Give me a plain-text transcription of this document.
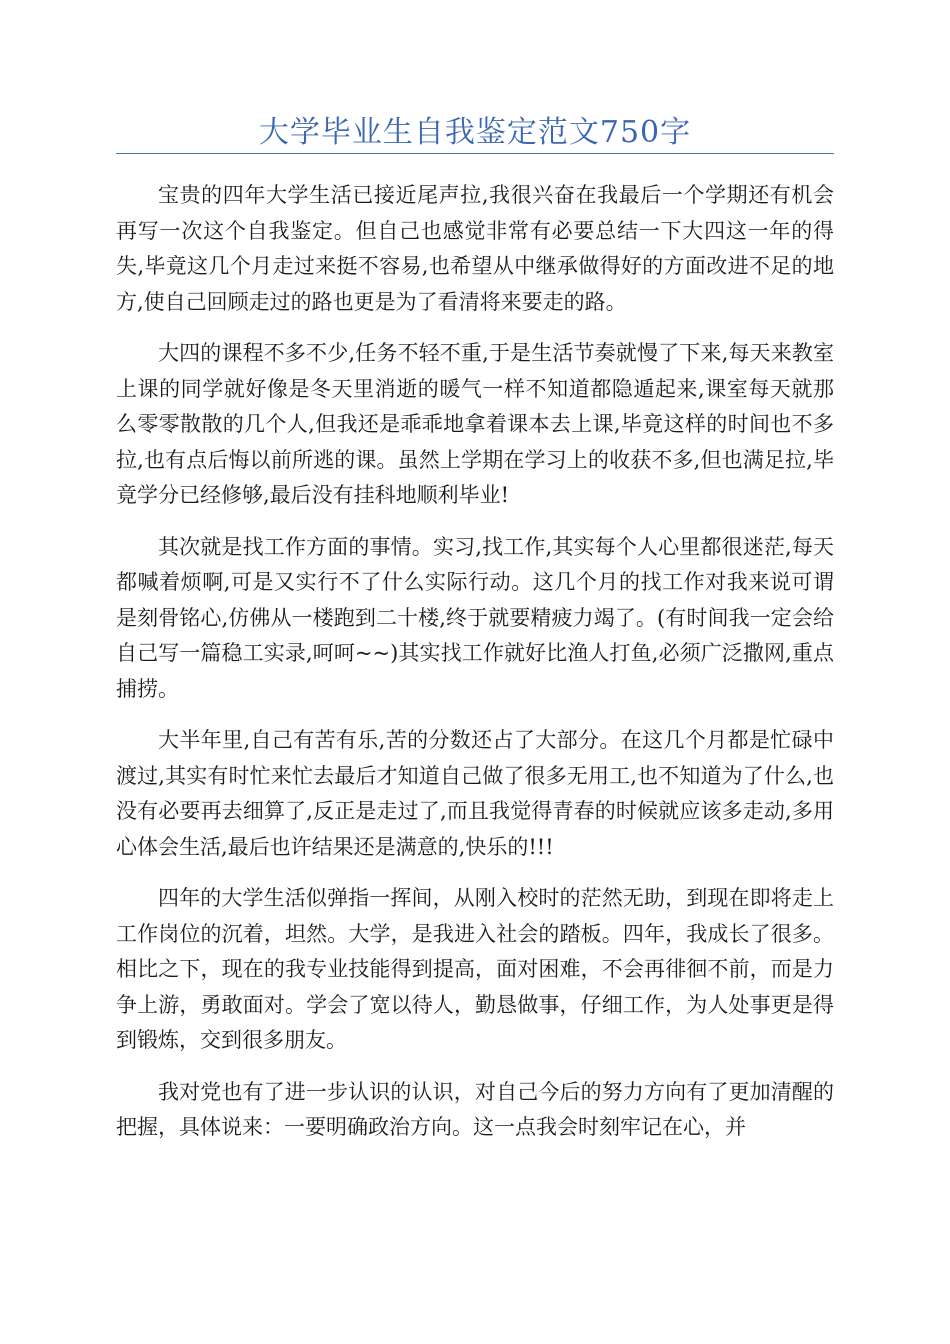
大学毕业生自我鉴定范文750字

宝贵的四年大学生活已接近尾声拉,我很兴奋在我最后一个学期还有机会再写一次这个自我鉴定。但自己也感觉非常有必要总结一下大四这一年的得失,毕竟这几个月走过来挺不容易,也希望从中继承做得好的方面改进不足的地方,使自己回顾走过的路也更是为了看清将来要走的路。

大四的课程不多不少,任务不轻不重,于是生活节奏就慢了下来,每天来教室上课的同学就好像是冬天里消逝的暖气一样不知道都隐遁起来,课室每天就那么零零散散的几个人,但我还是乖乖地拿着课本去上课,毕竟这样的时间也不多拉,也有点后悔以前所逃的课。虽然上学期在学习上的收获不多,但也满足拉,毕竟学分已经修够,最后没有挂科地顺利毕业!

其次就是找工作方面的事情。实习,找工作,其实每个人心里都很迷茫,每天都喊着烦啊,可是又实行不了什么实际行动。这几个月的找工作对我来说可谓是刻骨铭心,仿佛从一楼跑到二十楼,终于就要精疲力竭了。(有时间我一定会给自己写一篇稳工实录,呵呵~~)其实找工作就好比渔人打鱼,必须广泛撒网,重点捕捞。

大半年里,自己有苦有乐,苦的分数还占了大部分。在这几个月都是忙碌中渡过,其实有时忙来忙去最后才知道自己做了很多无用工,也不知道为了什么,也没有必要再去细算了,反正是走过了,而且我觉得青春的时候就应该多走动,多用心体会生活,最后也许结果还是满意的,快乐的!!!

四年的大学生活似弹指一挥间，从刚入校时的茫然无助，到现在即将走上工作岗位的沉着，坦然。大学，是我进入社会的踏板。四年，我成长了很多。相比之下，现在的我专业技能得到提高，面对困难，不会再徘徊不前，而是力争上游，勇敢面对。学会了宽以待人，勤恳做事，仔细工作，为人处事更是得到锻炼，交到很多朋友。

我对党也有了进一步认识的认识，对自己今后的努力方向有了更加清醒的把握，具体说来：一要明确政治方向。这一点我会时刻牢记在心，并
